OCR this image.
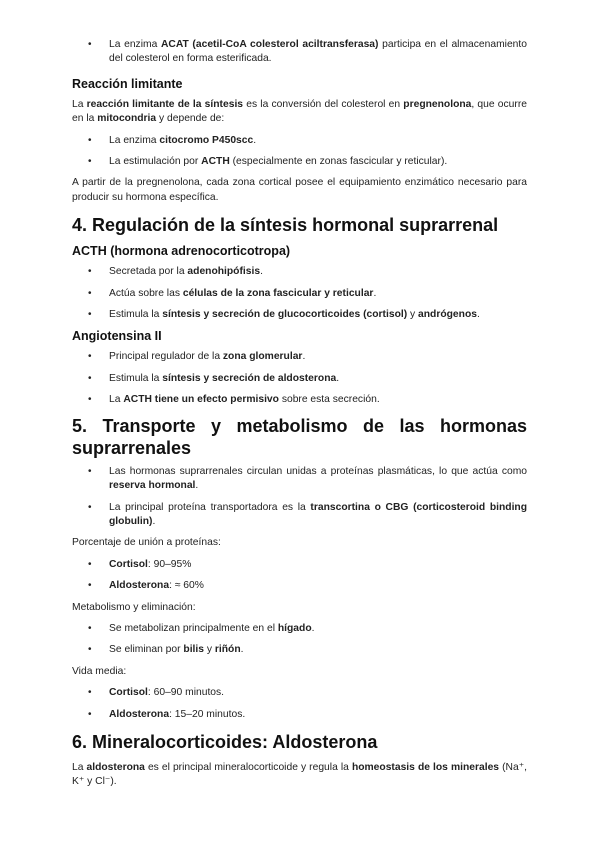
• La enzima ACAT (acetil-CoA colesterol aciltransferasa) participa en el almacenamiento del colesterol en forma esterificada.
Reacción limitante

La reacción limitante de la síntesis es la conversión del colesterol en pregnenolona, que ocurre en la mitocondria y depende de:

• La enzima citocromo P450scc.
• La estimulación por ACTH (especialmente en zonas fascicular y reticular).

A partir de la pregnenolona, cada zona cortical posee el equipamiento enzimático necesario para producir su hormona específica.

4. Regulación de la síntesis hormonal suprarrenal
ACTH (hormona adrenocorticotropa)
• Secretada por la adenohipófisis.
• Actúa sobre las células de la zona fascicular y reticular.
• Estimula la síntesis y secreción de glucocorticoides (cortisol) y andrógenos.
Angiotensina II
• Principal regulador de la zona glomerular.
• Estimula la síntesis y secreción de aldosterona.
• La ACTH tiene un efecto permisivo sobre esta secreción.
5. Transporte y metabolismo de las hormonas suprarrenales
• Las hormonas suprarrenales circulan unidas a proteínas plasmáticas, lo que actúa como reserva hormonal.
• La principal proteína transportadora es la transcortina o CBG (corticosteroid binding globulin).

Porcentaje de unión a proteínas:

• Cortisol: 90–95%
• Aldosterona: ≈ 60%

Metabolismo y eliminación:

• Se metabolizan principalmente en el hígado.
• Se eliminan por bilis y riñón.

Vida media:

• Cortisol: 60–90 minutos.
• Aldosterona: 15–20 minutos.
6. Mineralocorticoides: Aldosterona

La aldosterona es el principal mineralocorticoide y regula la homeostasis de los minerales (Na⁺, K⁺ y Cl⁻).
